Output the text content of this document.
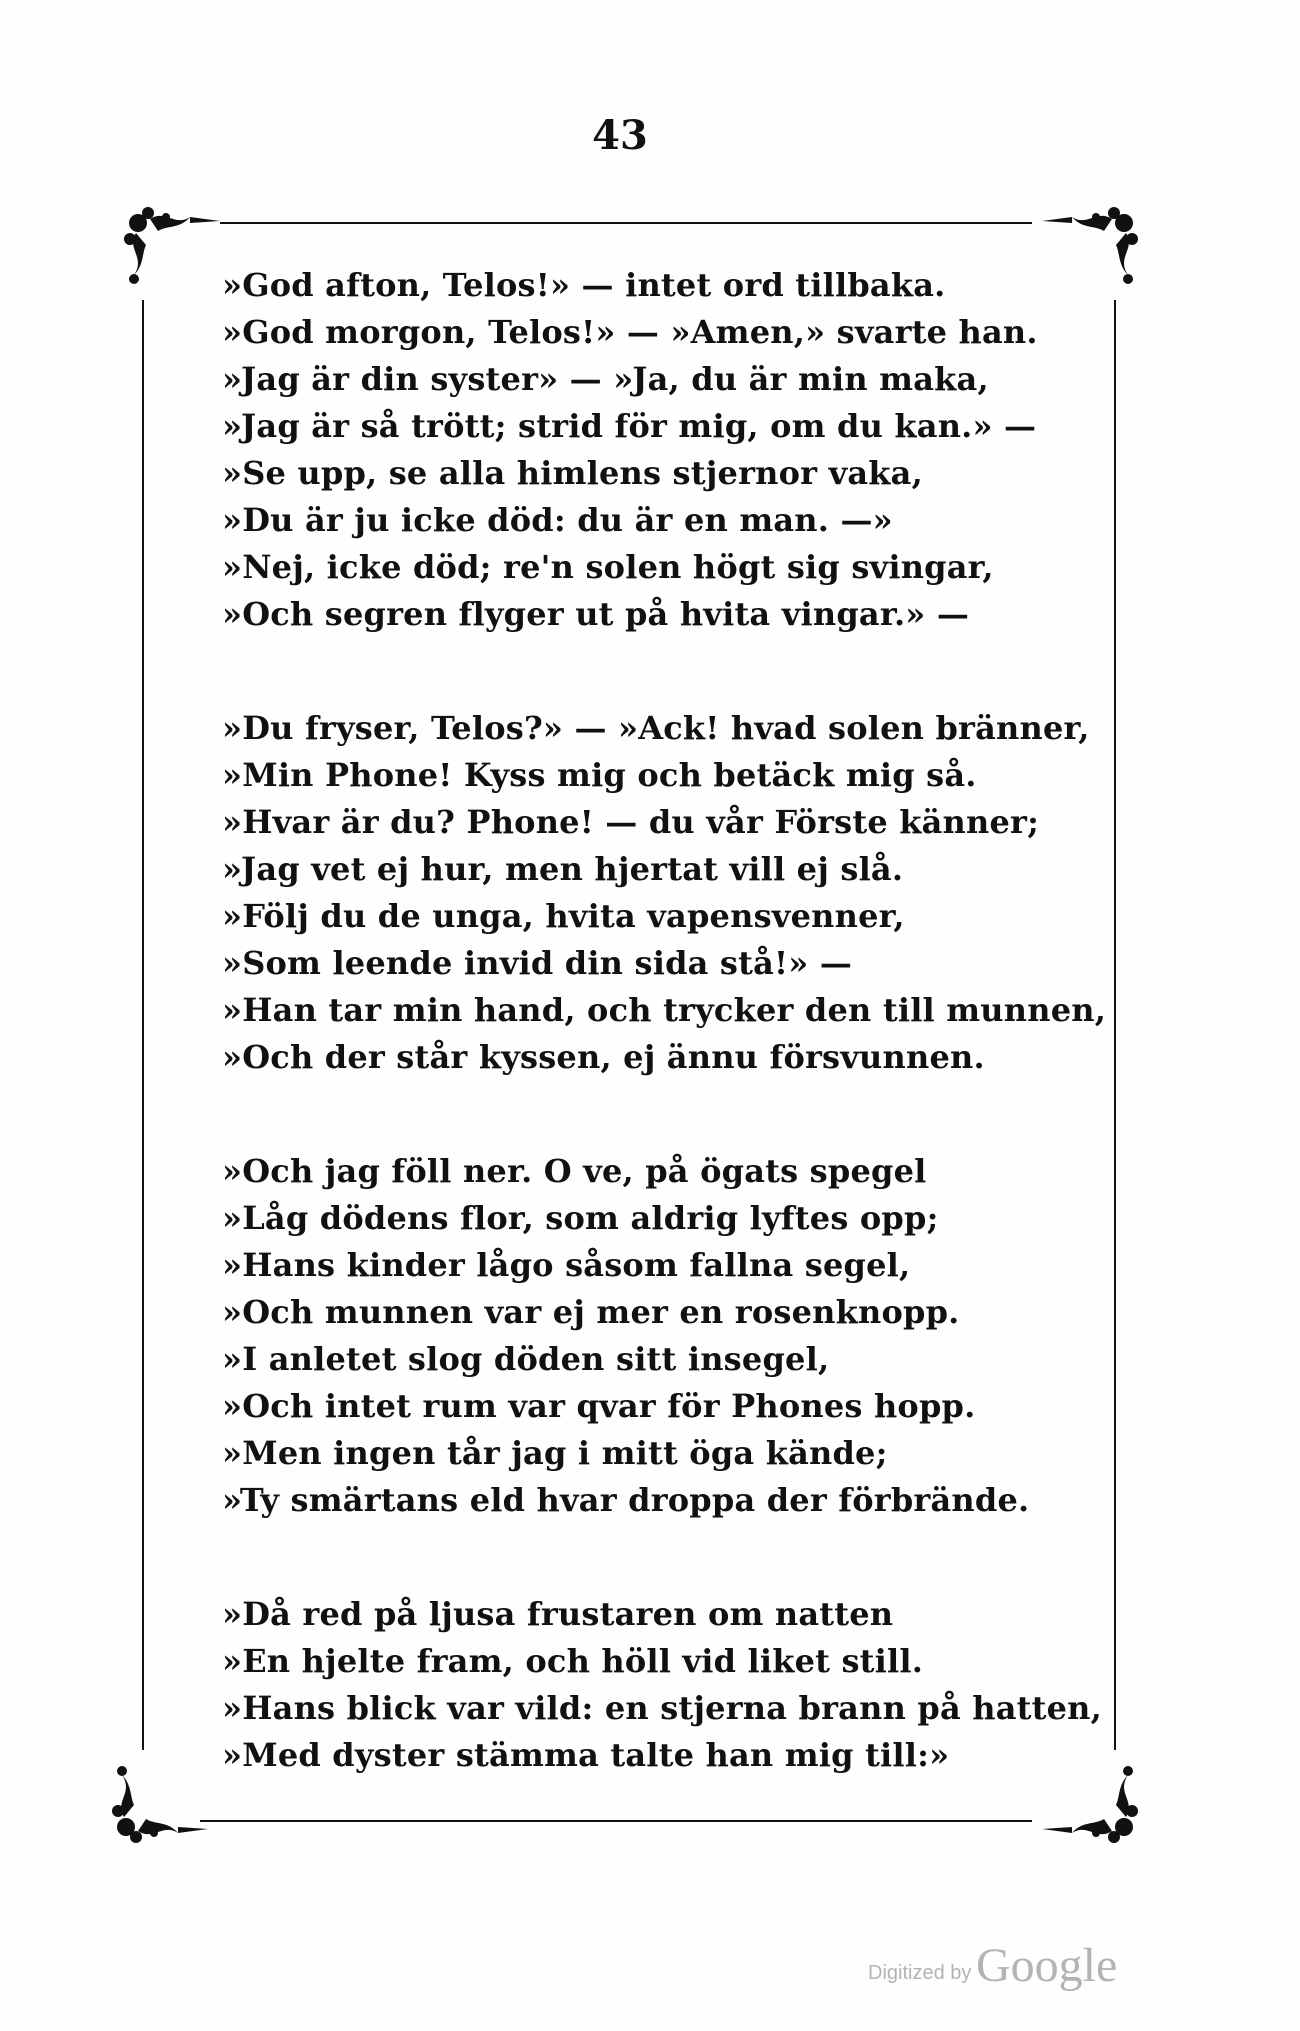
43
»God afton, Telos!» — intet ord tillbaka.
»God morgon, Telos!» — »Amen,» svarte han.
»Jag är din syster» — »Ja, du är min maka,
»Jag är så trött; strid för mig, om du kan.» —
»Se upp, se alla himlens stjernor vaka,
»Du är ju icke död: du är en man. —»
»Nej, icke död; re'n solen högt sig svingar,
»Och segren flyger ut på hvita vingar.» —
»Du fryser, Telos?» — »Ack! hvad solen bränner,
»Min Phone! Kyss mig och betäck mig så.
»Hvar är du? Phone! — du vår Förste känner;
»Jag vet ej hur, men hjertat vill ej slå.
»Följ du de unga, hvita vapensvenner,
»Som leende invid din sida stå!» —
»Han tar min hand, och trycker den till munnen,
»Och der står kyssen, ej ännu försvunnen.
»Och jag föll ner. O ve, på ögats spegel
»Låg dödens flor, som aldrig lyftes opp;
»Hans kinder lågo såsom fallna segel,
»Och munnen var ej mer en rosenknopp.
»I anletet slog döden sitt insegel,
»Och intet rum var qvar för Phones hopp.
»Men ingen tår jag i mitt öga kände;
»Ty smärtans eld hvar droppa der förbrände.
»Då red på ljusa frustaren om natten
»En hjelte fram, och höll vid liket still.
»Hans blick var vild: en stjerna brann på hatten,
»Med dyster stämma talte han mig till:»
Digitized by Google
